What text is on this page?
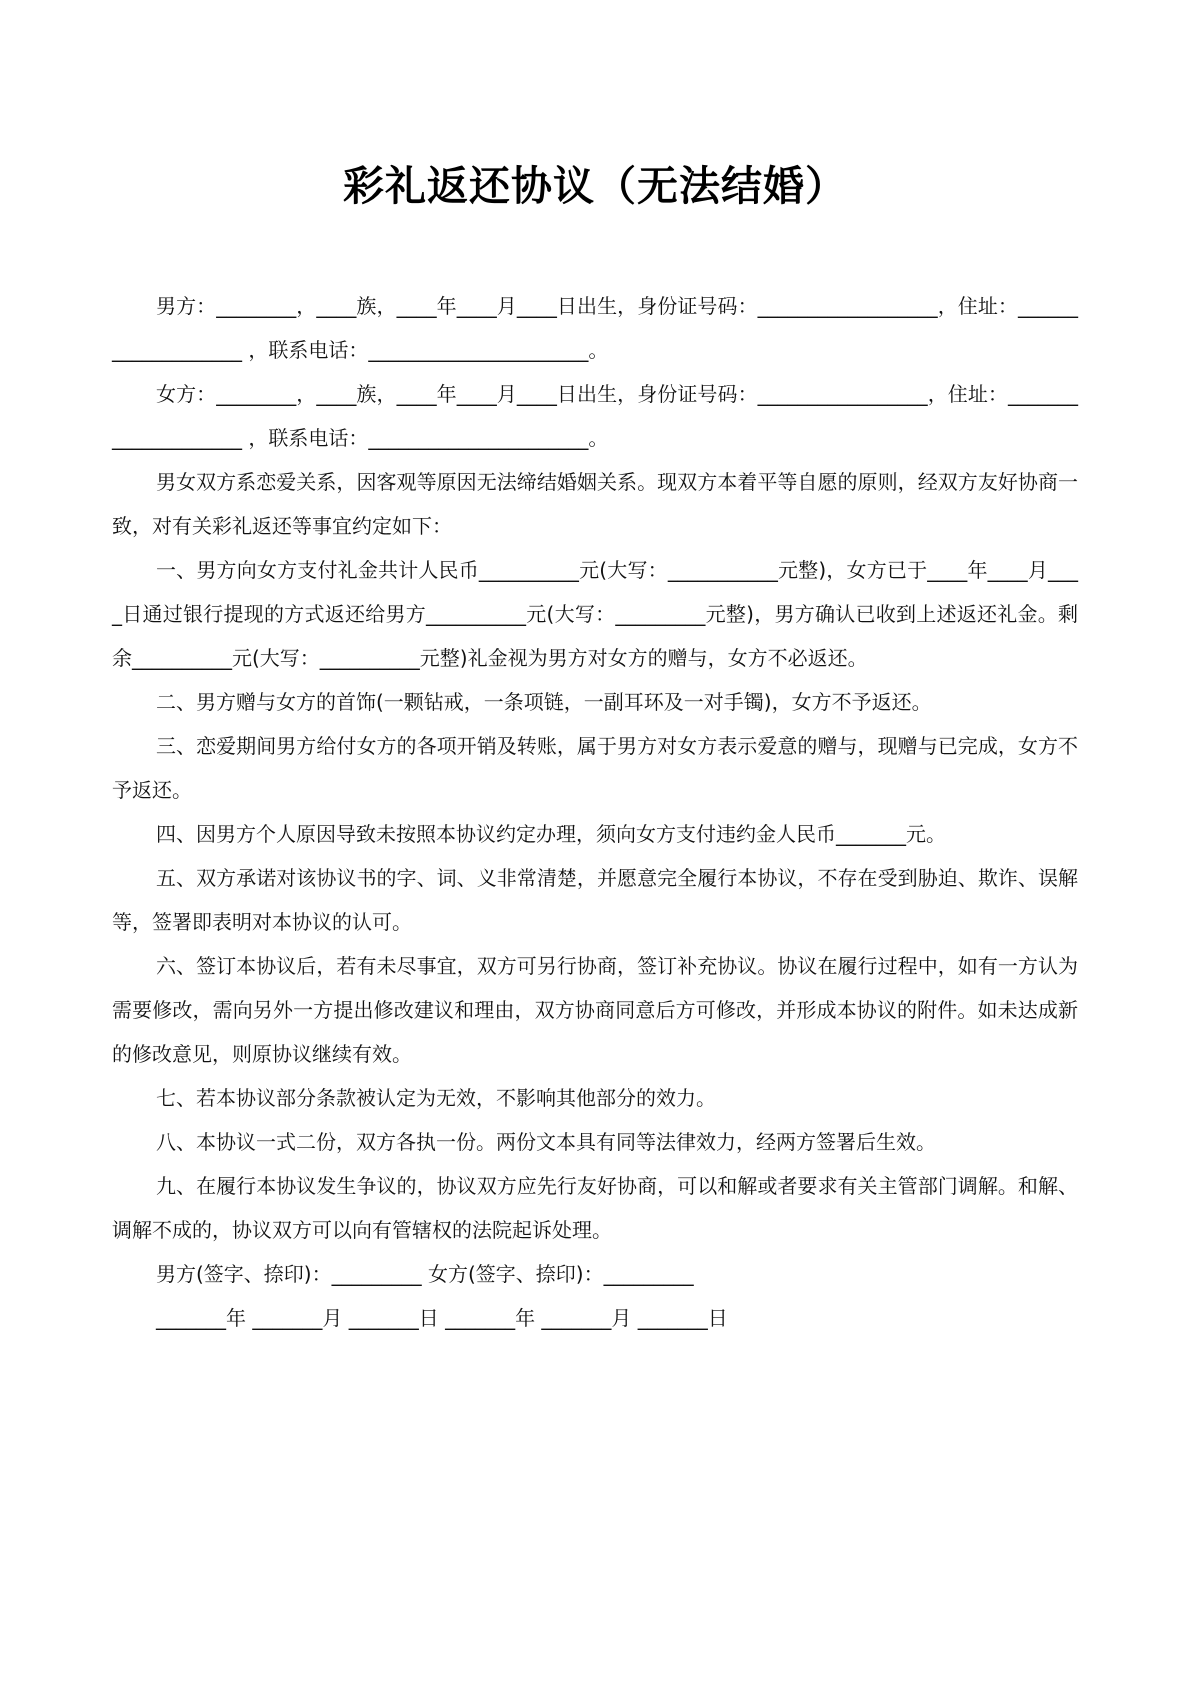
彩礼返还协议（无法结婚）

男方：________，____族，____年____月____日出生，身份证号码：__________________，住址：___________________ ，联系电话：______________________。

女方：________，____族，____年____月____日出生，身份证号码：_________________，住址：____________________ ，联系电话：______________________。

男女双方系恋爱关系，因客观等原因无法缔结婚姻关系。现双方本着平等自愿的原则，经双方友好协商一致，对有关彩礼返还等事宜约定如下：

一、男方向女方支付礼金共计人民币__________元(大写：___________元整)，女方已于____年____月____日通过银行提现的方式返还给男方__________元(大写：_________元整)，男方确认已收到上述返还礼金。剩余__________元(大写：__________元整)礼金视为男方对女方的赠与，女方不必返还。

二、男方赠与女方的首饰(一颗钻戒，一条项链，一副耳环及一对手镯)，女方不予返还。

三、恋爱期间男方给付女方的各项开销及转账，属于男方对女方表示爱意的赠与，现赠与已完成，女方不予返还。

四、因男方个人原因导致未按照本协议约定办理，须向女方支付违约金人民币_______元。

五、双方承诺对该协议书的字、词、义非常清楚，并愿意完全履行本协议，不存在受到胁迫、欺诈、误解等，签署即表明对本协议的认可。

六、签订本协议后，若有未尽事宜，双方可另行协商，签订补充协议。协议在履行过程中，如有一方认为需要修改，需向另外一方提出修改建议和理由，双方协商同意后方可修改，并形成本协议的附件。如未达成新的修改意见，则原协议继续有效。

七、若本协议部分条款被认定为无效，不影响其他部分的效力。

八、本协议一式二份，双方各执一份。两份文本具有同等法律效力，经两方签署后生效。

九、在履行本协议发生争议的，协议双方应先行友好协商，可以和解或者要求有关主管部门调解。和解、调解不成的，协议双方可以向有管辖权的法院起诉处理。

男方(签字、捺印)：_________ 女方(签字、捺印)：_________

_______年 _______月 _______日 _______年 _______月 _______日
